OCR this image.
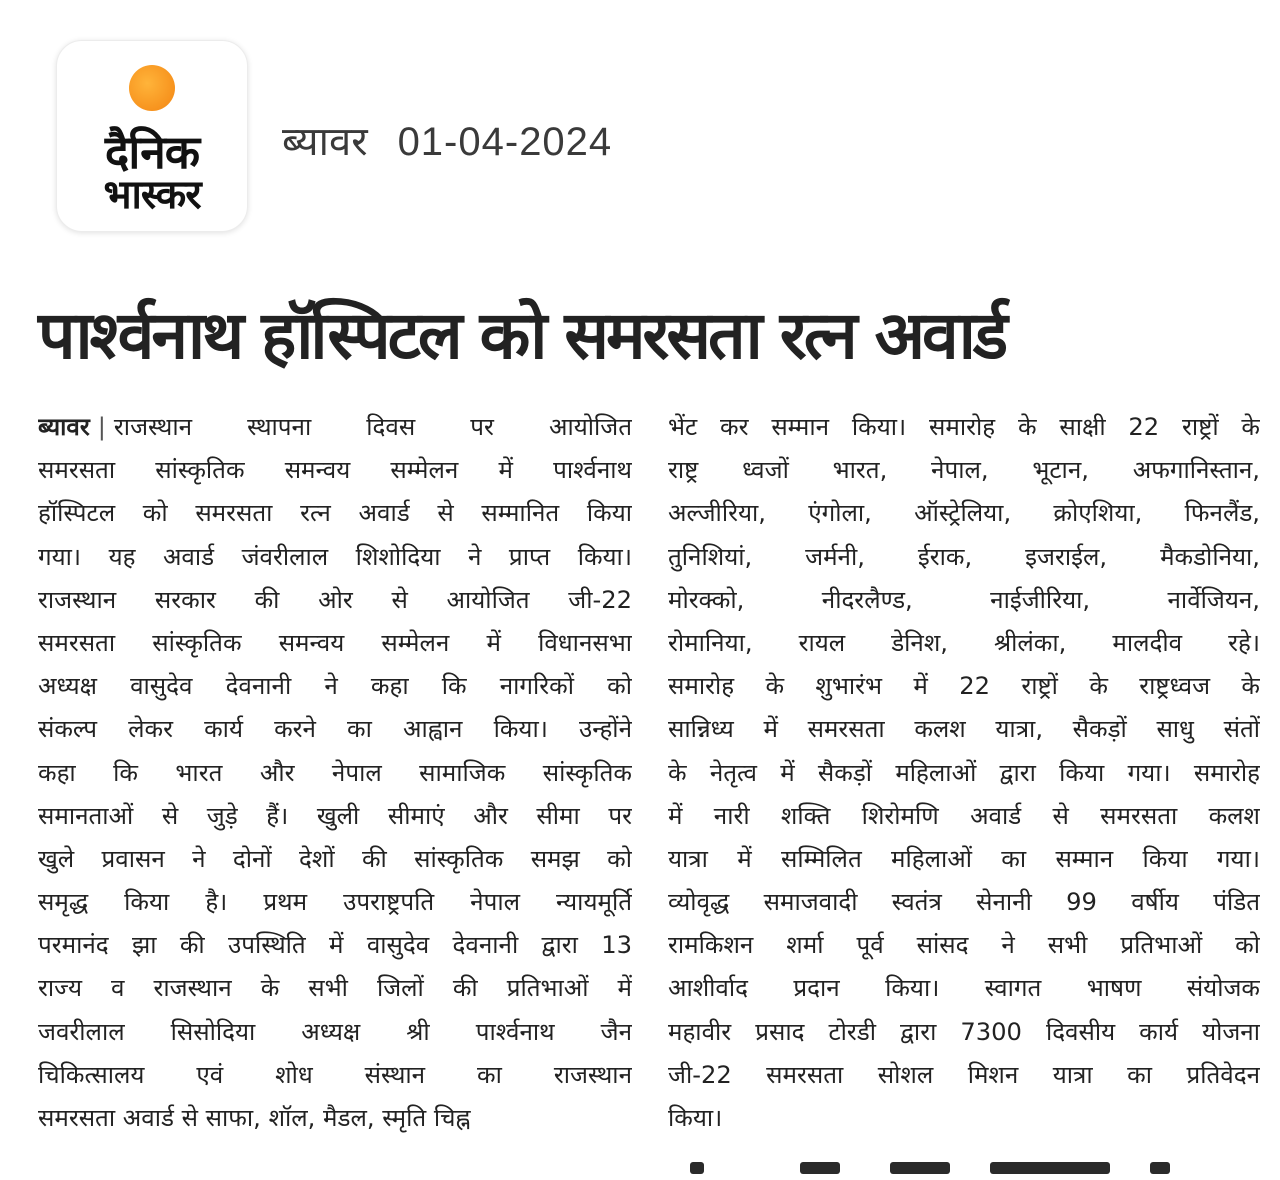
दैनिक
भास्कर
ब्यावर 01-04-2024
पार्श्वनाथ हॉस्पिटल को समरसता रत्न अवार्ड
ब्यावर | राजस्थान स्थापना दिवस पर आयोजित
समरसता सांस्कृतिक समन्वय सम्मेलन में पार्श्वनाथ
हॉस्पिटल को समरसता रत्न अवार्ड से सम्मानित किया
गया। यह अवार्ड जंवरीलाल शिशोदिया ने प्राप्त किया।
राजस्थान सरकार की ओर से आयोजित जी-22
समरसता सांस्कृतिक समन्वय सम्मेलन में विधानसभा
अध्यक्ष वासुदेव देवनानी ने कहा कि नागरिकों को
संकल्प लेकर कार्य करने का आह्वान किया। उन्होंने
कहा कि भारत और नेपाल सामाजिक सांस्कृतिक
समानताओं से जुड़े हैं। खुली सीमाएं और सीमा पर
खुले प्रवासन ने दोनों देशों की सांस्कृतिक समझ को
समृद्ध किया है। प्रथम उपराष्ट्रपति नेपाल न्यायमूर्ति
परमानंद झा की उपस्थिति में वासुदेव देवनानी द्वारा 13
राज्य व राजस्थान के सभी जिलों की प्रतिभाओं में
जवरीलाल सिसोदिया अध्यक्ष श्री पार्श्वनाथ जैन
चिकित्सालय एवं शोध संस्थान का राजस्थान
समरसता अवार्ड से साफा, शॉल, मैडल, स्मृति चिह्न
भेंट कर सम्मान किया। समारोह के साक्षी 22 राष्ट्रों के
राष्ट्र ध्वजों भारत, नेपाल, भूटान, अफगानिस्तान,
अल्जीरिया, एंगोला, ऑस्ट्रेलिया, क्रोएशिया, फिनलैंड,
तुनिशियां, जर्मनी, ईराक, इजराईल, मैकडोनिया,
मोरक्को, नीदरलैण्ड, नाईजीरिया, नार्वेजियन,
रोमानिया, रायल डेनिश, श्रीलंका, मालदीव रहे।
समारोह के शुभारंभ में 22 राष्ट्रों के राष्ट्रध्वज के
सान्निध्य में समरसता कलश यात्रा, सैकड़ों साधु संतों
के नेतृत्व में सैकड़ों महिलाओं द्वारा किया गया। समारोह
में नारी शक्ति शिरोमणि अवार्ड से समरसता कलश
यात्रा में सम्मिलित महिलाओं का सम्मान किया गया।
व्योवृद्ध समाजवादी स्वतंत्र सेनानी 99 वर्षीय पंडित
रामकिशन शर्मा पूर्व सांसद ने सभी प्रतिभाओं को
आशीर्वाद प्रदान किया। स्वागत भाषण संयोजक
महावीर प्रसाद टोरडी द्वारा 7300 दिवसीय कार्य योजना
जी-22 समरसता सोशल मिशन यात्रा का प्रतिवेदन
किया।
